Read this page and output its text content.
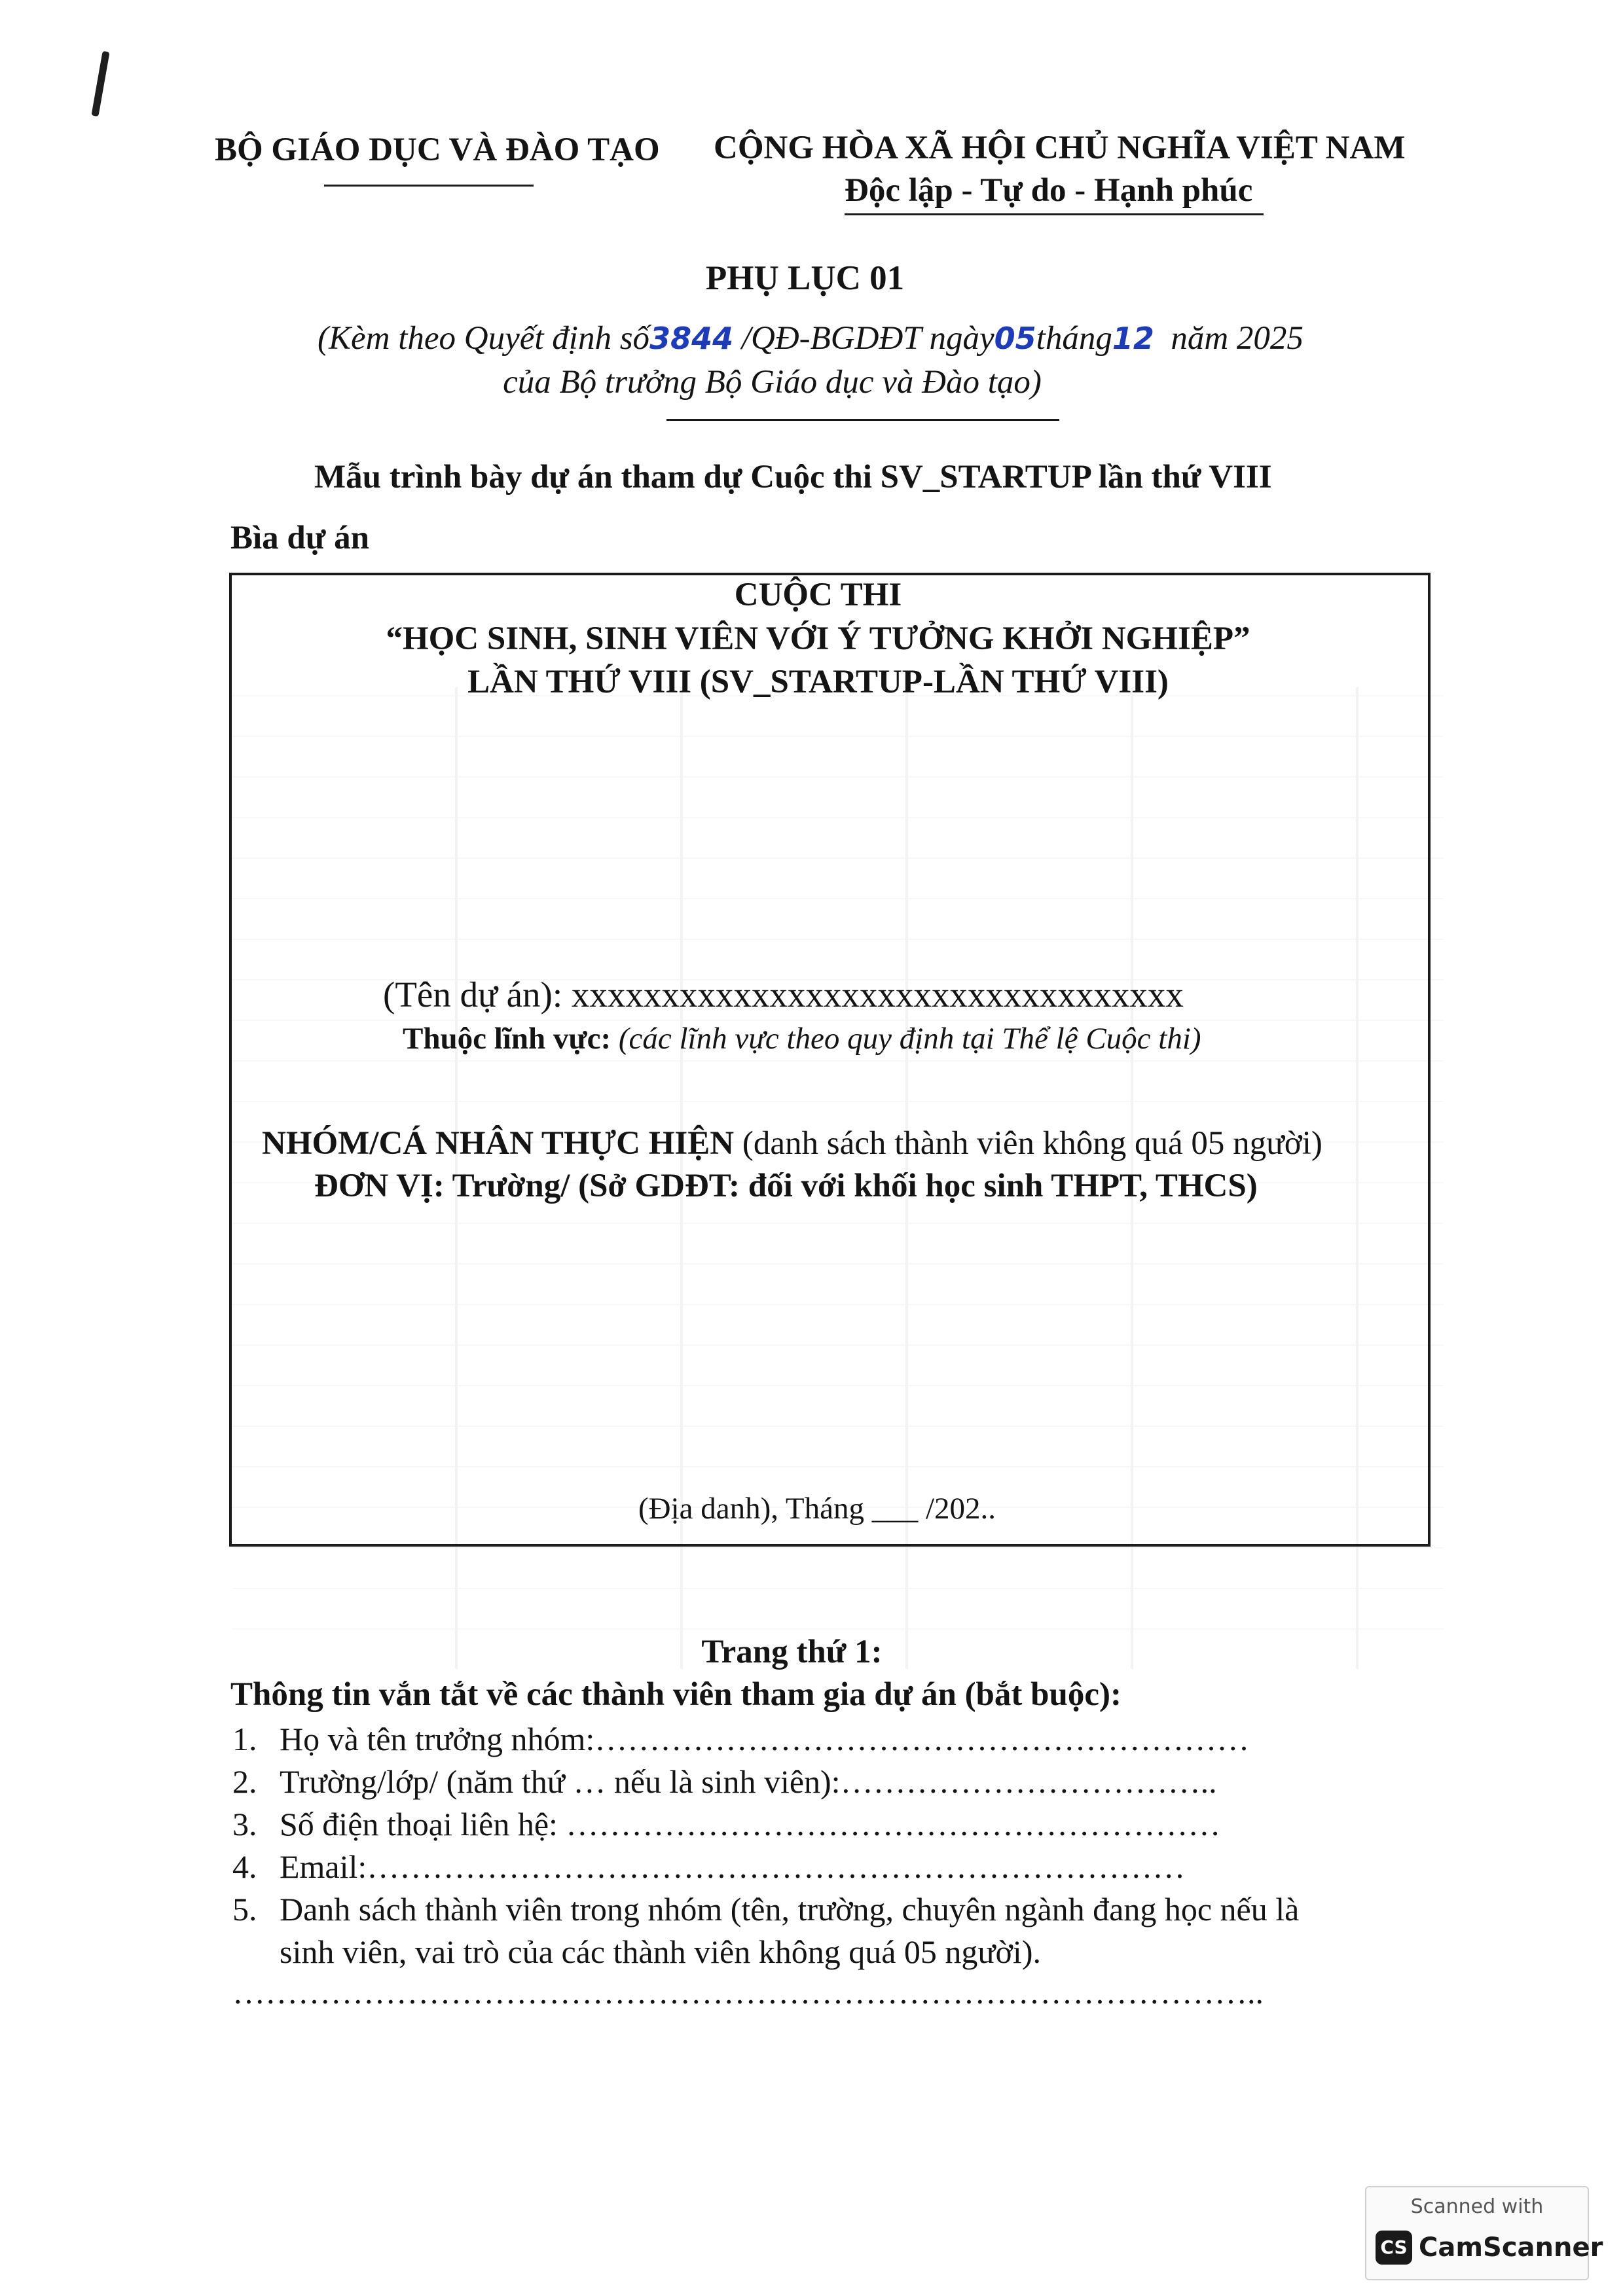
BỘ GIÁO DỤC VÀ ĐÀO TẠO CỘNG HÒA XÃ HỘI CHỦ NGHĨA VIỆT NAM
Độc lập - Tự do - Hạnh phúc
PHỤ LỤC 01
(Kèm theo Quyết định số3844 /QĐ-BGDĐT ngày05tháng12 năm 2025
của Bộ trưởng Bộ Giáo dục và Đào tạo)
Mẫu trình bày dự án tham dự Cuộc thi SV_STARTUP lần thứ VIII
Bìa dự án
CUỘC THI
“HỌC SINH, SINH VIÊN VỚI Ý TƯỞNG KHỞI NGHIỆP”
LẦN THỨ VIII (SV_STARTUP-LẦN THỨ VIII)
(Tên dự án): xxxxxxxxxxxxxxxxxxxxxxxxxxxxxxxxxx
Thuộc lĩnh vực: (các lĩnh vực theo quy định tại Thể lệ Cuộc thi)
NHÓM/CÁ NHÂN THỰC HIỆN (danh sách thành viên không quá 05 người)
ĐƠN VỊ: Trường/ (Sở GDĐT: đối với khối học sinh THPT, THCS)
(Địa danh), Tháng ___ /202..
Trang thứ 1:
Thông tin vắn tắt về các thành viên tham gia dự án (bắt buộc):
1. Họ và tên trưởng nhóm:……………………………………………………
2. Trường/lớp/ (năm thứ … nếu là sinh viên):……………………………..
3. Số điện thoại liên hệ: ……………………………………………………
4. Email:…………………………………………………………………
5. Danh sách thành viên trong nhóm (tên, trường, chuyên ngành đang học nếu là
sinh viên, vai trò của các thành viên không quá 05 người).
…………………………………………………………………………………..
Scanned with
CS CamScanner
